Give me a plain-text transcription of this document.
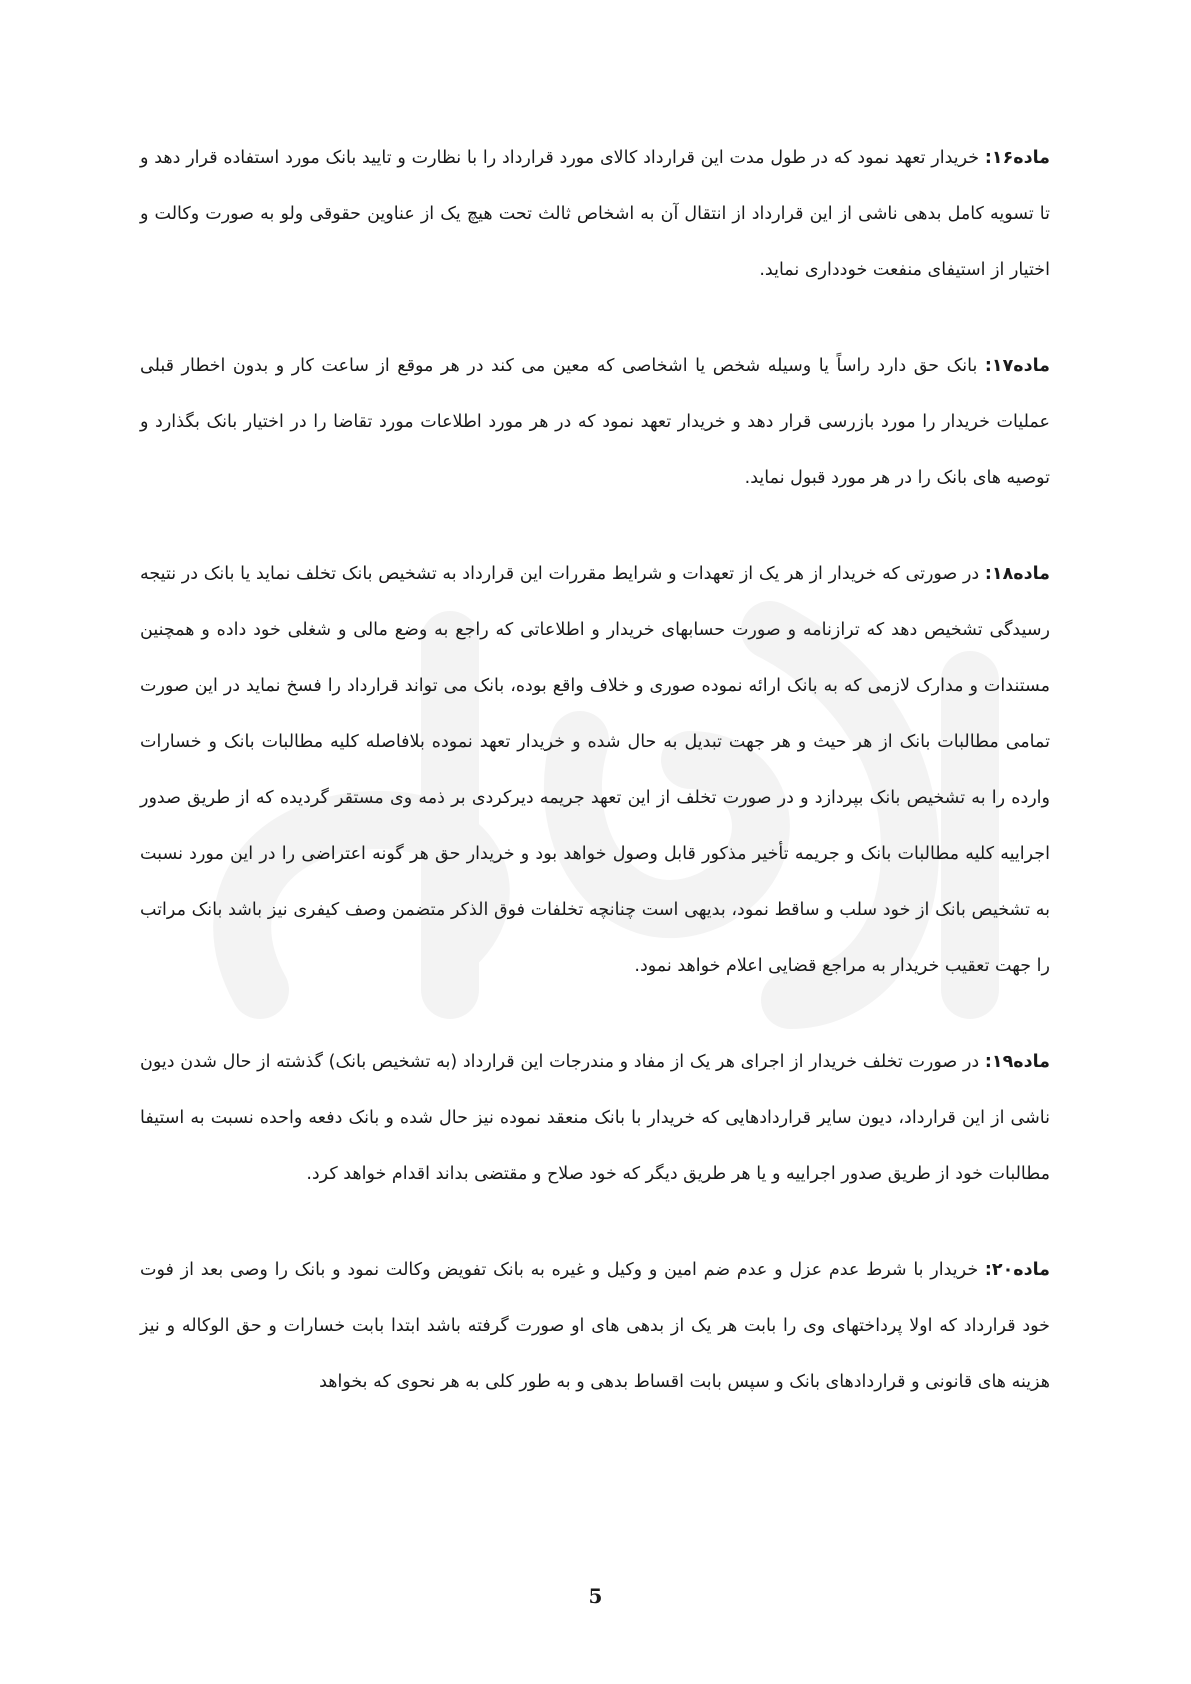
ماده۱۶: خریدار تعهد نمود که در طول مدت این قرارداد کالای مورد قرارداد را با نظارت و تایید بانک مورد استفاده قرار دهد و تا تسویه کامل بدهی ناشی از این قرارداد از انتقال آن به اشخاص ثالث تحت هیچ یک از عناوین حقوقی ولو به صورت وکالت و اختیار از استیفای منفعت خودداری نماید.

ماده۱۷: بانک حق دارد راساً یا وسیله شخص یا اشخاصی که معین می کند در هر موقع از ساعت کار و بدون اخطار قبلی عملیات خریدار را مورد بازرسی قرار دهد و خریدار تعهد نمود که در هر مورد اطلاعات مورد تقاضا را در اختیار بانک بگذارد و توصیه های بانک را در هر مورد قبول نماید.

ماده۱۸: در صورتی که خریدار از هر یک از تعهدات و شرایط مقررات این قرارداد به تشخیص بانک تخلف نماید یا بانک در نتیجه رسیدگی تشخیص دهد که ترازنامه و صورت حسابهای خریدار و اطلاعاتی که راجع به وضع مالی و شغلی خود داده و همچنین مستندات و مدارک لازمی که به بانک ارائه نموده صوری و خلاف واقع بوده، بانک می تواند قرارداد را فسخ نماید در این صورت تمامی مطالبات بانک از هر حیث و هر جهت تبدیل به حال شده و خریدار تعهد نموده بلافاصله کلیه مطالبات بانک و خسارات وارده را به تشخیص بانک بپردازد و در صورت تخلف از این تعهد جریمه دیرکردی بر ذمه وی مستقر گردیده که از طریق صدور اجراییه کلیه مطالبات بانک و جریمه تأخیر مذکور قابل وصول خواهد بود و خریدار حق هر گونه اعتراضی را در این مورد نسبت به تشخیص بانک از خود سلب و ساقط نمود، بدیهی است چنانچه تخلفات فوق الذکر متضمن وصف کیفری نیز باشد بانک مراتب را جهت تعقیب خریدار به مراجع قضایی اعلام خواهد نمود.

ماده۱۹: در صورت تخلف خریدار از اجرای هر یک از مفاد و مندرجات این قرارداد (به تشخیص بانک) گذشته از حال شدن دیون ناشی از این قرارداد، دیون سایر قراردادهایی که خریدار با بانک منعقد نموده نیز حال شده و بانک دفعه واحده نسبت به استیفا مطالبات خود از طریق صدور اجراییه و یا هر طریق دیگر که خود صلاح و مقتضی بداند اقدام خواهد کرد.

ماده۲۰: خریدار با شرط عدم عزل و عدم ضم امین و وکیل و غیره به بانک تفویض وکالت نمود و بانک را وصی بعد از فوت خود قرارداد که اولا پرداختهای وی را بابت هر یک از بدهی های او صورت گرفته باشد ابتدا بابت خسارات و حق الوکاله و نیز هزینه های قانونی و قراردادهای بانک و سپس بابت اقساط بدهی و به طور کلی به هر نحوی که بخواهد

5
